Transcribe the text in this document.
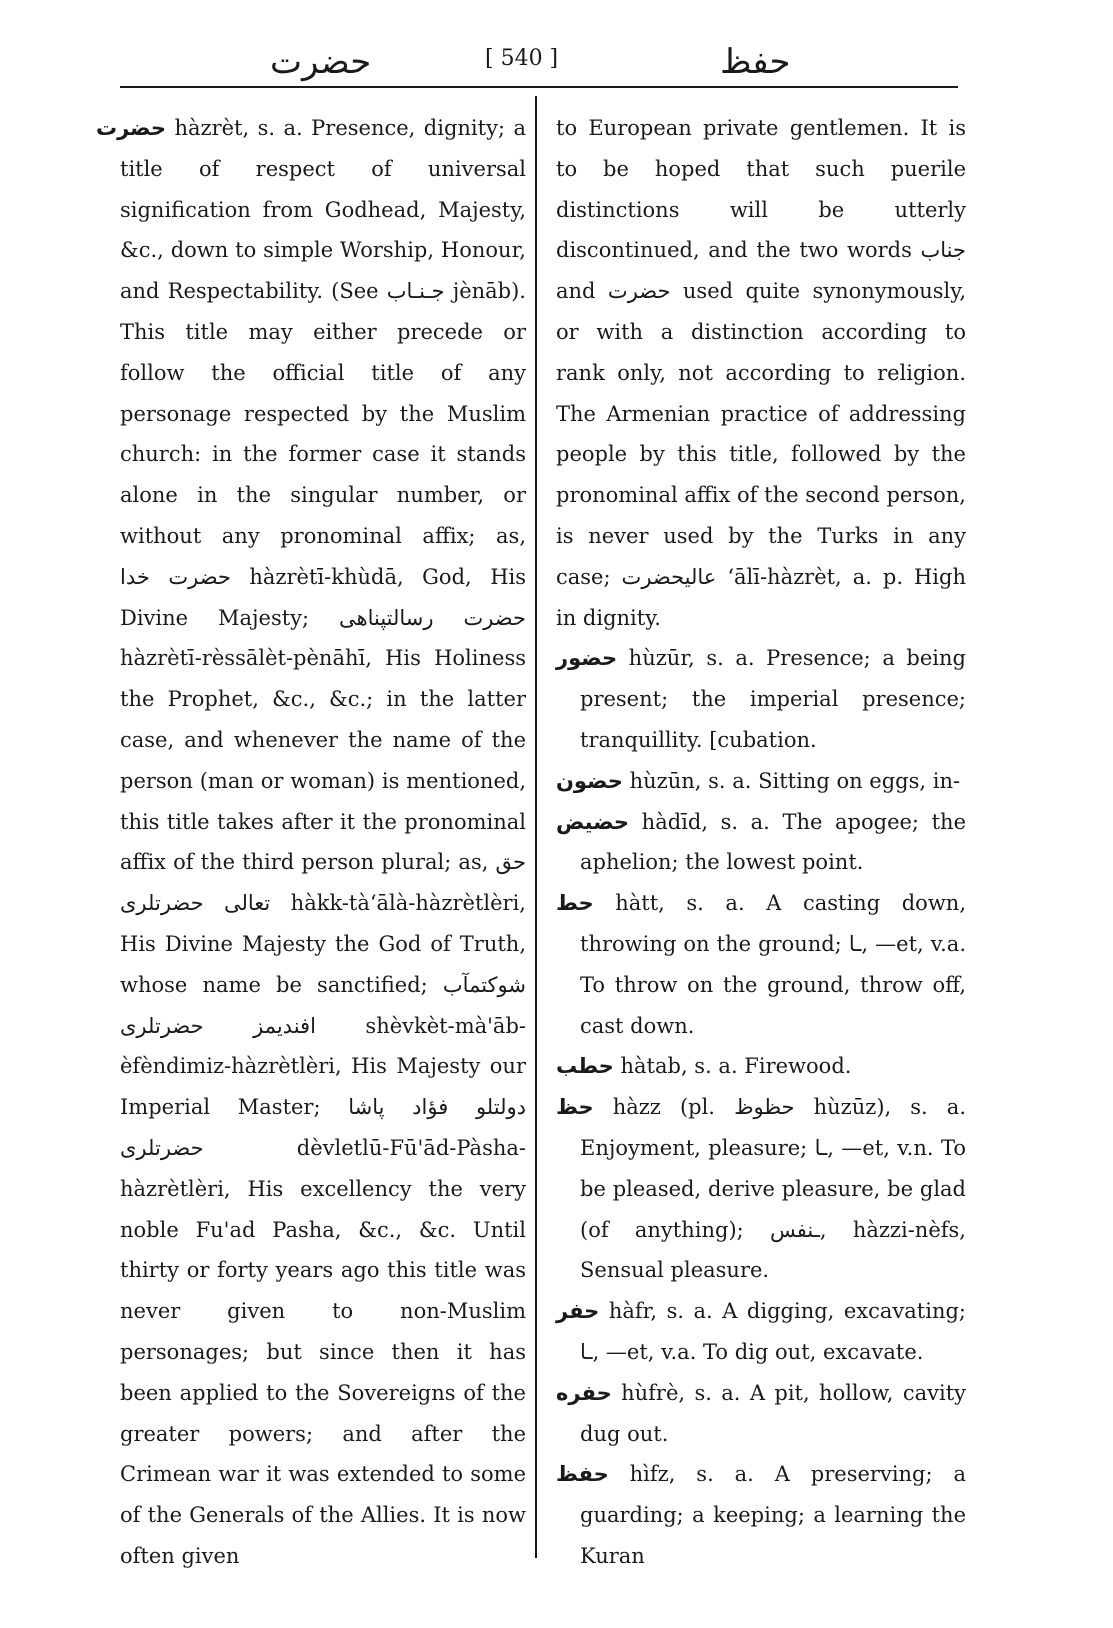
حضرت	[ 540 ]	حفظ

حضرت hàzrèt, s. a. Presence, dignity; a title of respect of universal signification from Godhead, Majesty, &c., down to simple Worship, Honour, and Respectability. (See جـنـاب jènāb). This title may either precede or follow the official title of any personage respected by the Muslim church: in the former case it stands alone in the singular number, or without any pronominal affix; as, حضرت خدا hàzrètī-khùdā, God, His Divine Majesty; حضرت رسالتپناهی hàzrètī-rèssālèt-pènāhī, His Holiness the Prophet, &c., &c.; in the latter case, and whenever the name of the person (man or woman) is mentioned, this title takes after it the pronominal affix of the third person plural; as, حق تعالی حضرتلری hàkk-tà‘ālà-hàzrètlèri, His Divine Majesty the God of Truth, whose name be sanctified; شوکتمآب افندیمز حضرتلری shèvkèt-mà'āb-èfèndimiz-hàzrètlèri, His Majesty our Imperial Master; دولتلو فؤاد پاشا حضرتلری dèvletlū-Fū'ād-Pàsha-hàzrètlèri, His excellency the very noble Fu'ad Pasha, &c., &c. Until thirty or forty years ago this title was never given to non-Muslim personages; but since then it has been applied to the Sovereigns of the greater powers; and after the Crimean war it was extended to some of the Generals of the Allies. It is now often given

to European private gentlemen. It is to be hoped that such puerile distinctions will be utterly discontinued, and the two words جناب and حضرت used quite synonymously, or with a distinction according to rank only, not according to religion. The Armenian practice of addressing people by this title, followed by the pronominal affix of the second person, is never used by the Turks in any case; عالیحضرت ‘ālī-hàzrèt, a. p. High in dignity.

حضور hùzūr, s. a. Presence; a being present; the imperial presence; tranquillity. [cubation.

حضون hùzūn, s. a. Sitting on eggs, in-

حضیض hàdīd, s. a. The apogee; the aphelion; the lowest point.

حط hàtt, s. a. A casting down, throwing on the ground; ـا, —et, v.a. To throw on the ground, throw off, cast down.

حطب hàtab, s. a. Firewood.

حظ hàzz (pl. حظوظ hùzūz), s. a. Enjoyment, pleasure; ـا, —et, v.n. To be pleased, derive pleasure, be glad (of anything); ـنفس, hàzzi-nèfs, Sensual pleasure.

حفر hàfr, s. a. A digging, excavating; ـا, —et, v.a. To dig out, excavate.

حفره hùfrè, s. a. A pit, hollow, cavity dug out.

حفظ hìfz, s. a. A preserving; a guarding; a keeping; a learning the Kuran
